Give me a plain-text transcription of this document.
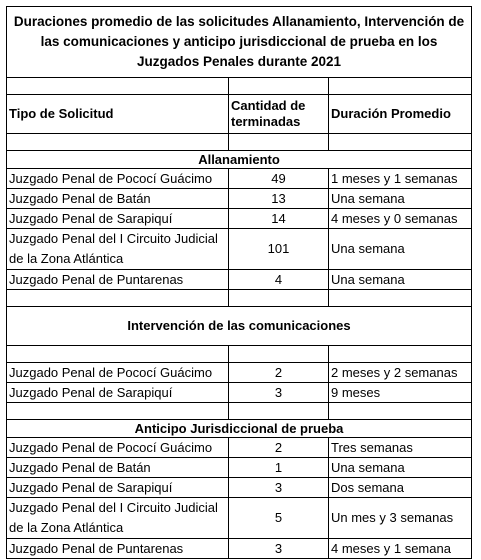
Duraciones promedio de las solicitudes Allanamiento, Intervención de las comunicaciones y anticipo jurisdiccional de prueba en los Juzgados Penales durante 2021		

Tipo de Solicitud	Cantidad de terminadas	Duración Promedio

Allanamiento		
Juzgado Penal de Pococí Guácimo	49	1 meses y 1 semanas
Juzgado Penal de Batán	13	Una semana
Juzgado Penal de Sarapiquí	14	4 meses y 0 semanas
Juzgado Penal del I Circuito Judicial de la Zona Atlántica	101	Una semana
Juzgado Penal de Puntarenas	4	Una semana

Intervención de las comunicaciones		

Juzgado Penal de Pococí Guácimo	2	2 meses y 2 semanas
Juzgado Penal de Sarapiquí	3	9 meses

Anticipo Jurisdiccional de prueba		
Juzgado Penal de Pococí Guácimo	2	Tres semanas
Juzgado Penal de Batán	1	Una semana
Juzgado Penal de Sarapiquí	3	Dos semana
Juzgado Penal del I Circuito Judicial de la Zona Atlántica	5	Un mes y 3 semanas
Juzgado Penal de Puntarenas	3	4 meses y 1 semana
